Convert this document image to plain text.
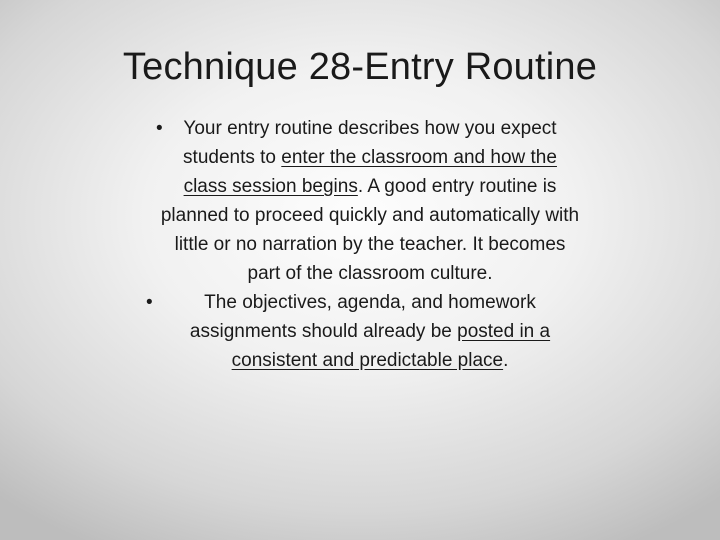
Technique 28-Entry Routine

• Your entry routine describes how you expect students to enter the classroom and how the class session begins. A good entry routine is planned to proceed quickly and automatically with little or no narration by the teacher. It becomes part of the classroom culture.

•	The objectives, agenda, and homework assignments should already be posted in a consistent and predictable place.
